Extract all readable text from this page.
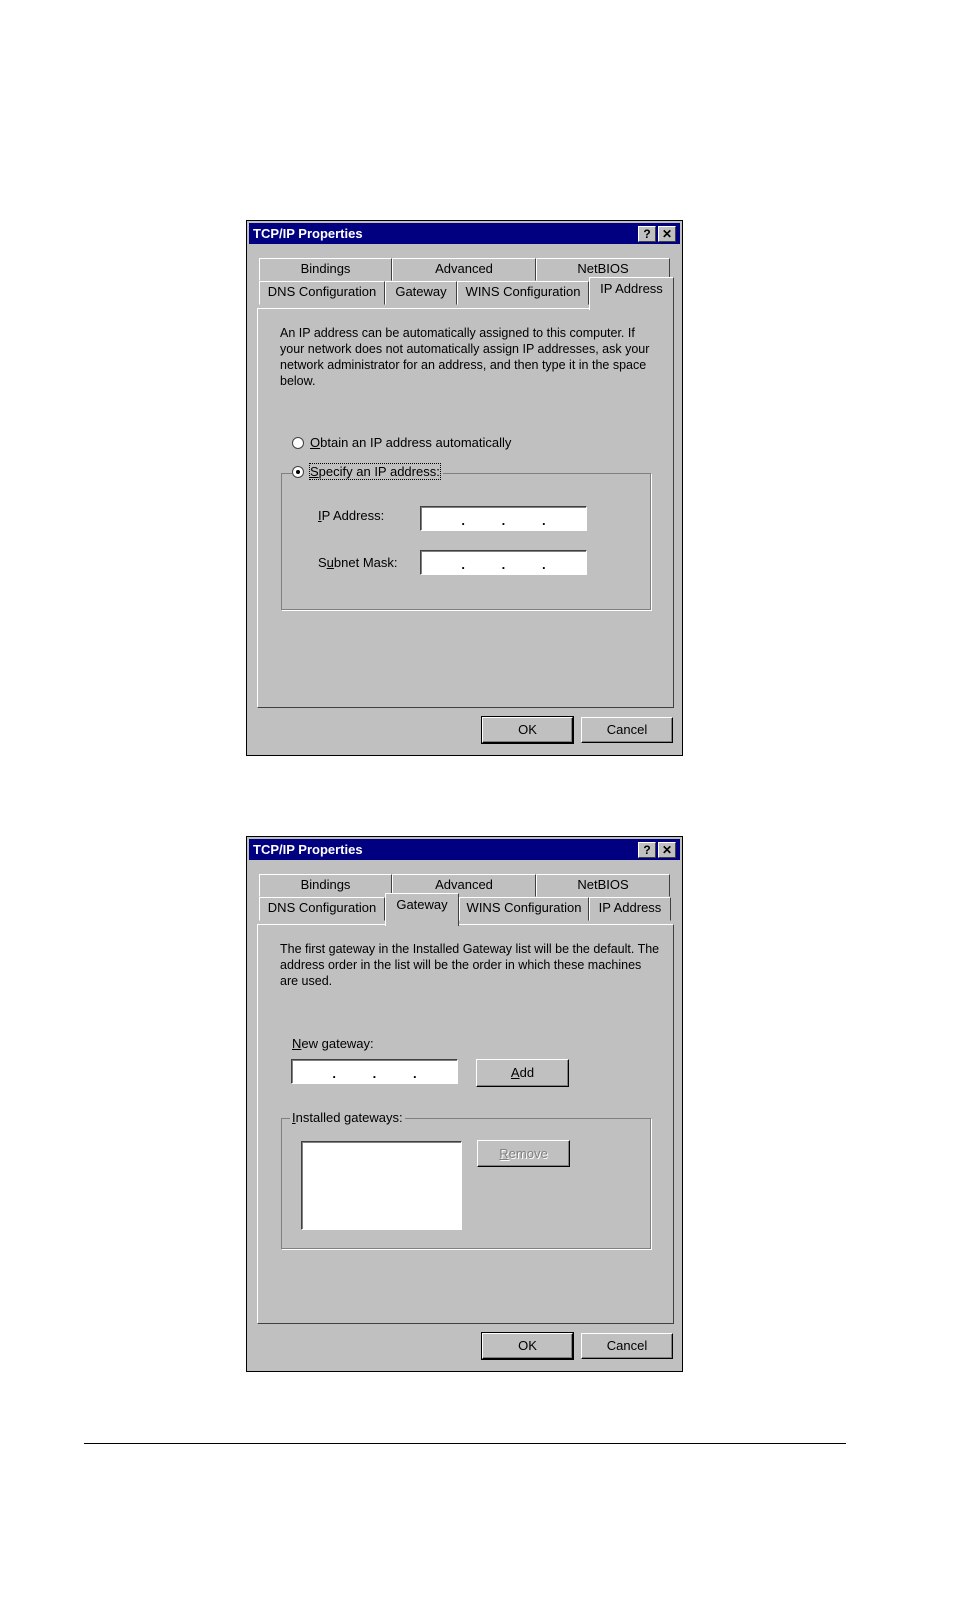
TCP/IP Properties	? ✕
Bindings	Advanced	NetBIOS
DNS Configuration	Gateway	WINS Configuration	IP Address

An IP address can be automatically assigned to this computer. If your network does not automatically assign IP addresses, ask your network administrator for an address, and then type it in the space below.

Obtain an IP address automatically
IP Address:	.	.	.
Subnet Mask:	.	.	.
Specify an IP address:
OK	Cancel
TCP/IP Properties	? ✕
Bindings	Advanced	NetBIOS
DNS Configuration	Gateway	WINS Configuration	IP Address

The first gateway in the Installed Gateway list will be the default. The address order in the list will be the order in which these machines are used.

New gateway:
.	.	.	Add
Installed gateways:
Remove
OK	Cancel
